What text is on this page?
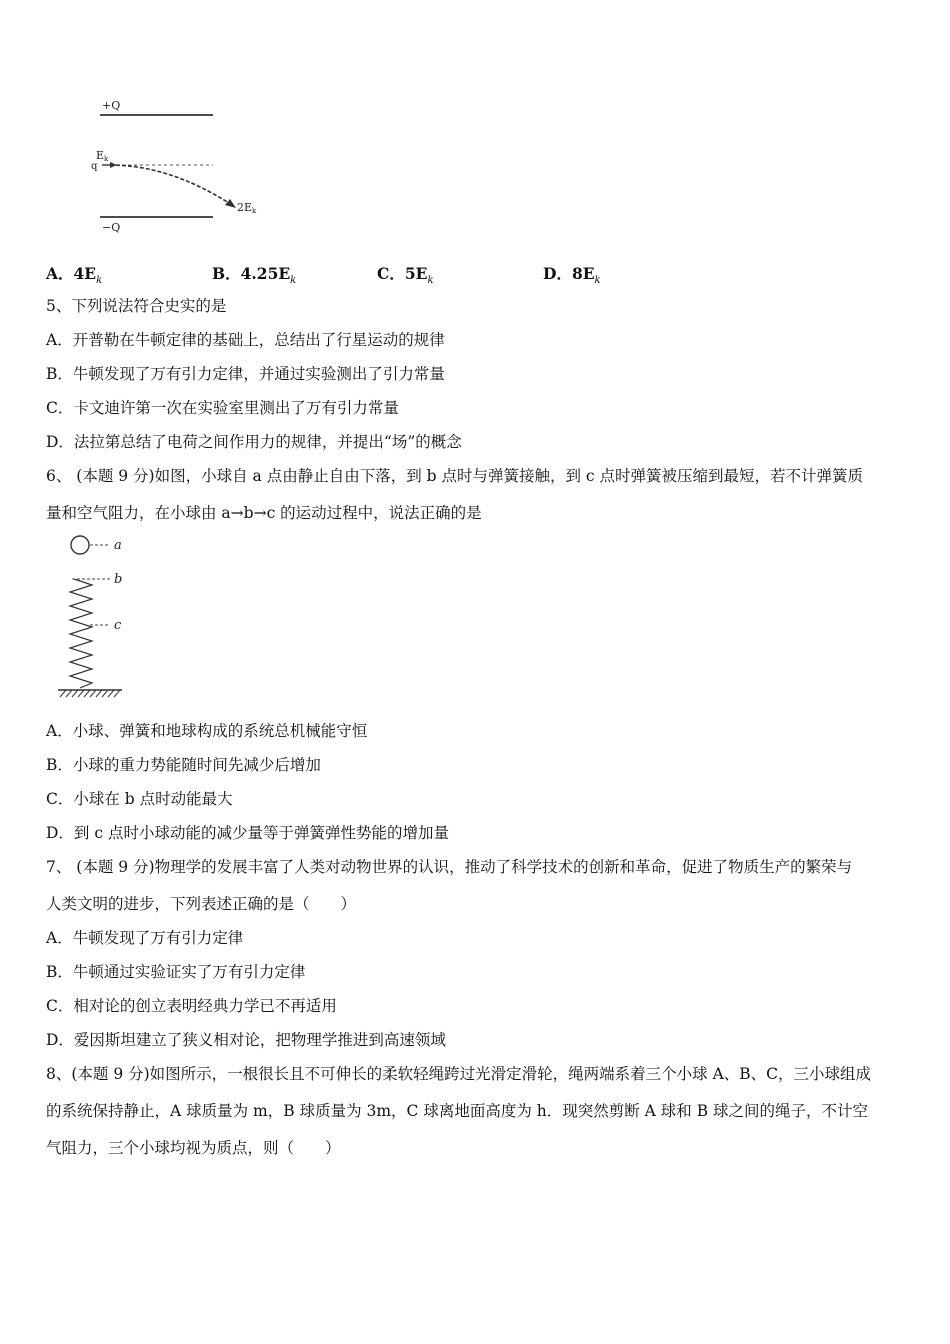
+Q
−Q
Ek
q
2Ek
A．$4E_k$	B．$4.25E_k$	C．$5E_k$	D．$8E_k$
5、下列说法符合史实的是
A．开普勒在牛顿定律的基础上，总结出了行星运动的规律
B．牛顿发现了万有引力定律，并通过实验测出了引力常量
C．卡文迪许第一次在实验室里测出了万有引力常量
D．法拉第总结了电荷之间作用力的规律，并提出“场”的概念
6、 (本题 9 分)如图，小球自 a 点由静止自由下落，到 b 点时与弹簧接触，到 c 点时弹簧被压缩到最短，若不计弹簧质
量和空气阻力，在小球由 a→b→c 的运动过程中，说法正确的是
a
b
c
A．小球、弹簧和地球构成的系统总机械能守恒
B．小球的重力势能随时间先减少后增加
C．小球在 b 点时动能最大
D．到 c 点时小球动能的减少量等于弹簧弹性势能的增加量
7、 (本题 9 分)物理学的发展丰富了人类对动物世界的认识，推动了科学技术的创新和革命，促进了物质生产的繁荣与
人类文明的进步，下列表述正确的是（　　）
A．牛顿发现了万有引力定律
B．牛顿通过实验证实了万有引力定律
C．相对论的创立表明经典力学已不再适用
D．爱因斯坦建立了狭义相对论，把物理学推进到高速领域
8、(本题 9 分)如图所示，一根很长且不可伸长的柔软轻绳跨过光滑定滑轮，绳两端系着三个小球 A、B、C，三小球组成
的系统保持静止，A 球质量为 m，B 球质量为 3m，C 球离地面高度为 h．现突然剪断 A 球和 B 球之间的绳子，不计空
气阻力，三个小球均视为质点，则（　　）
